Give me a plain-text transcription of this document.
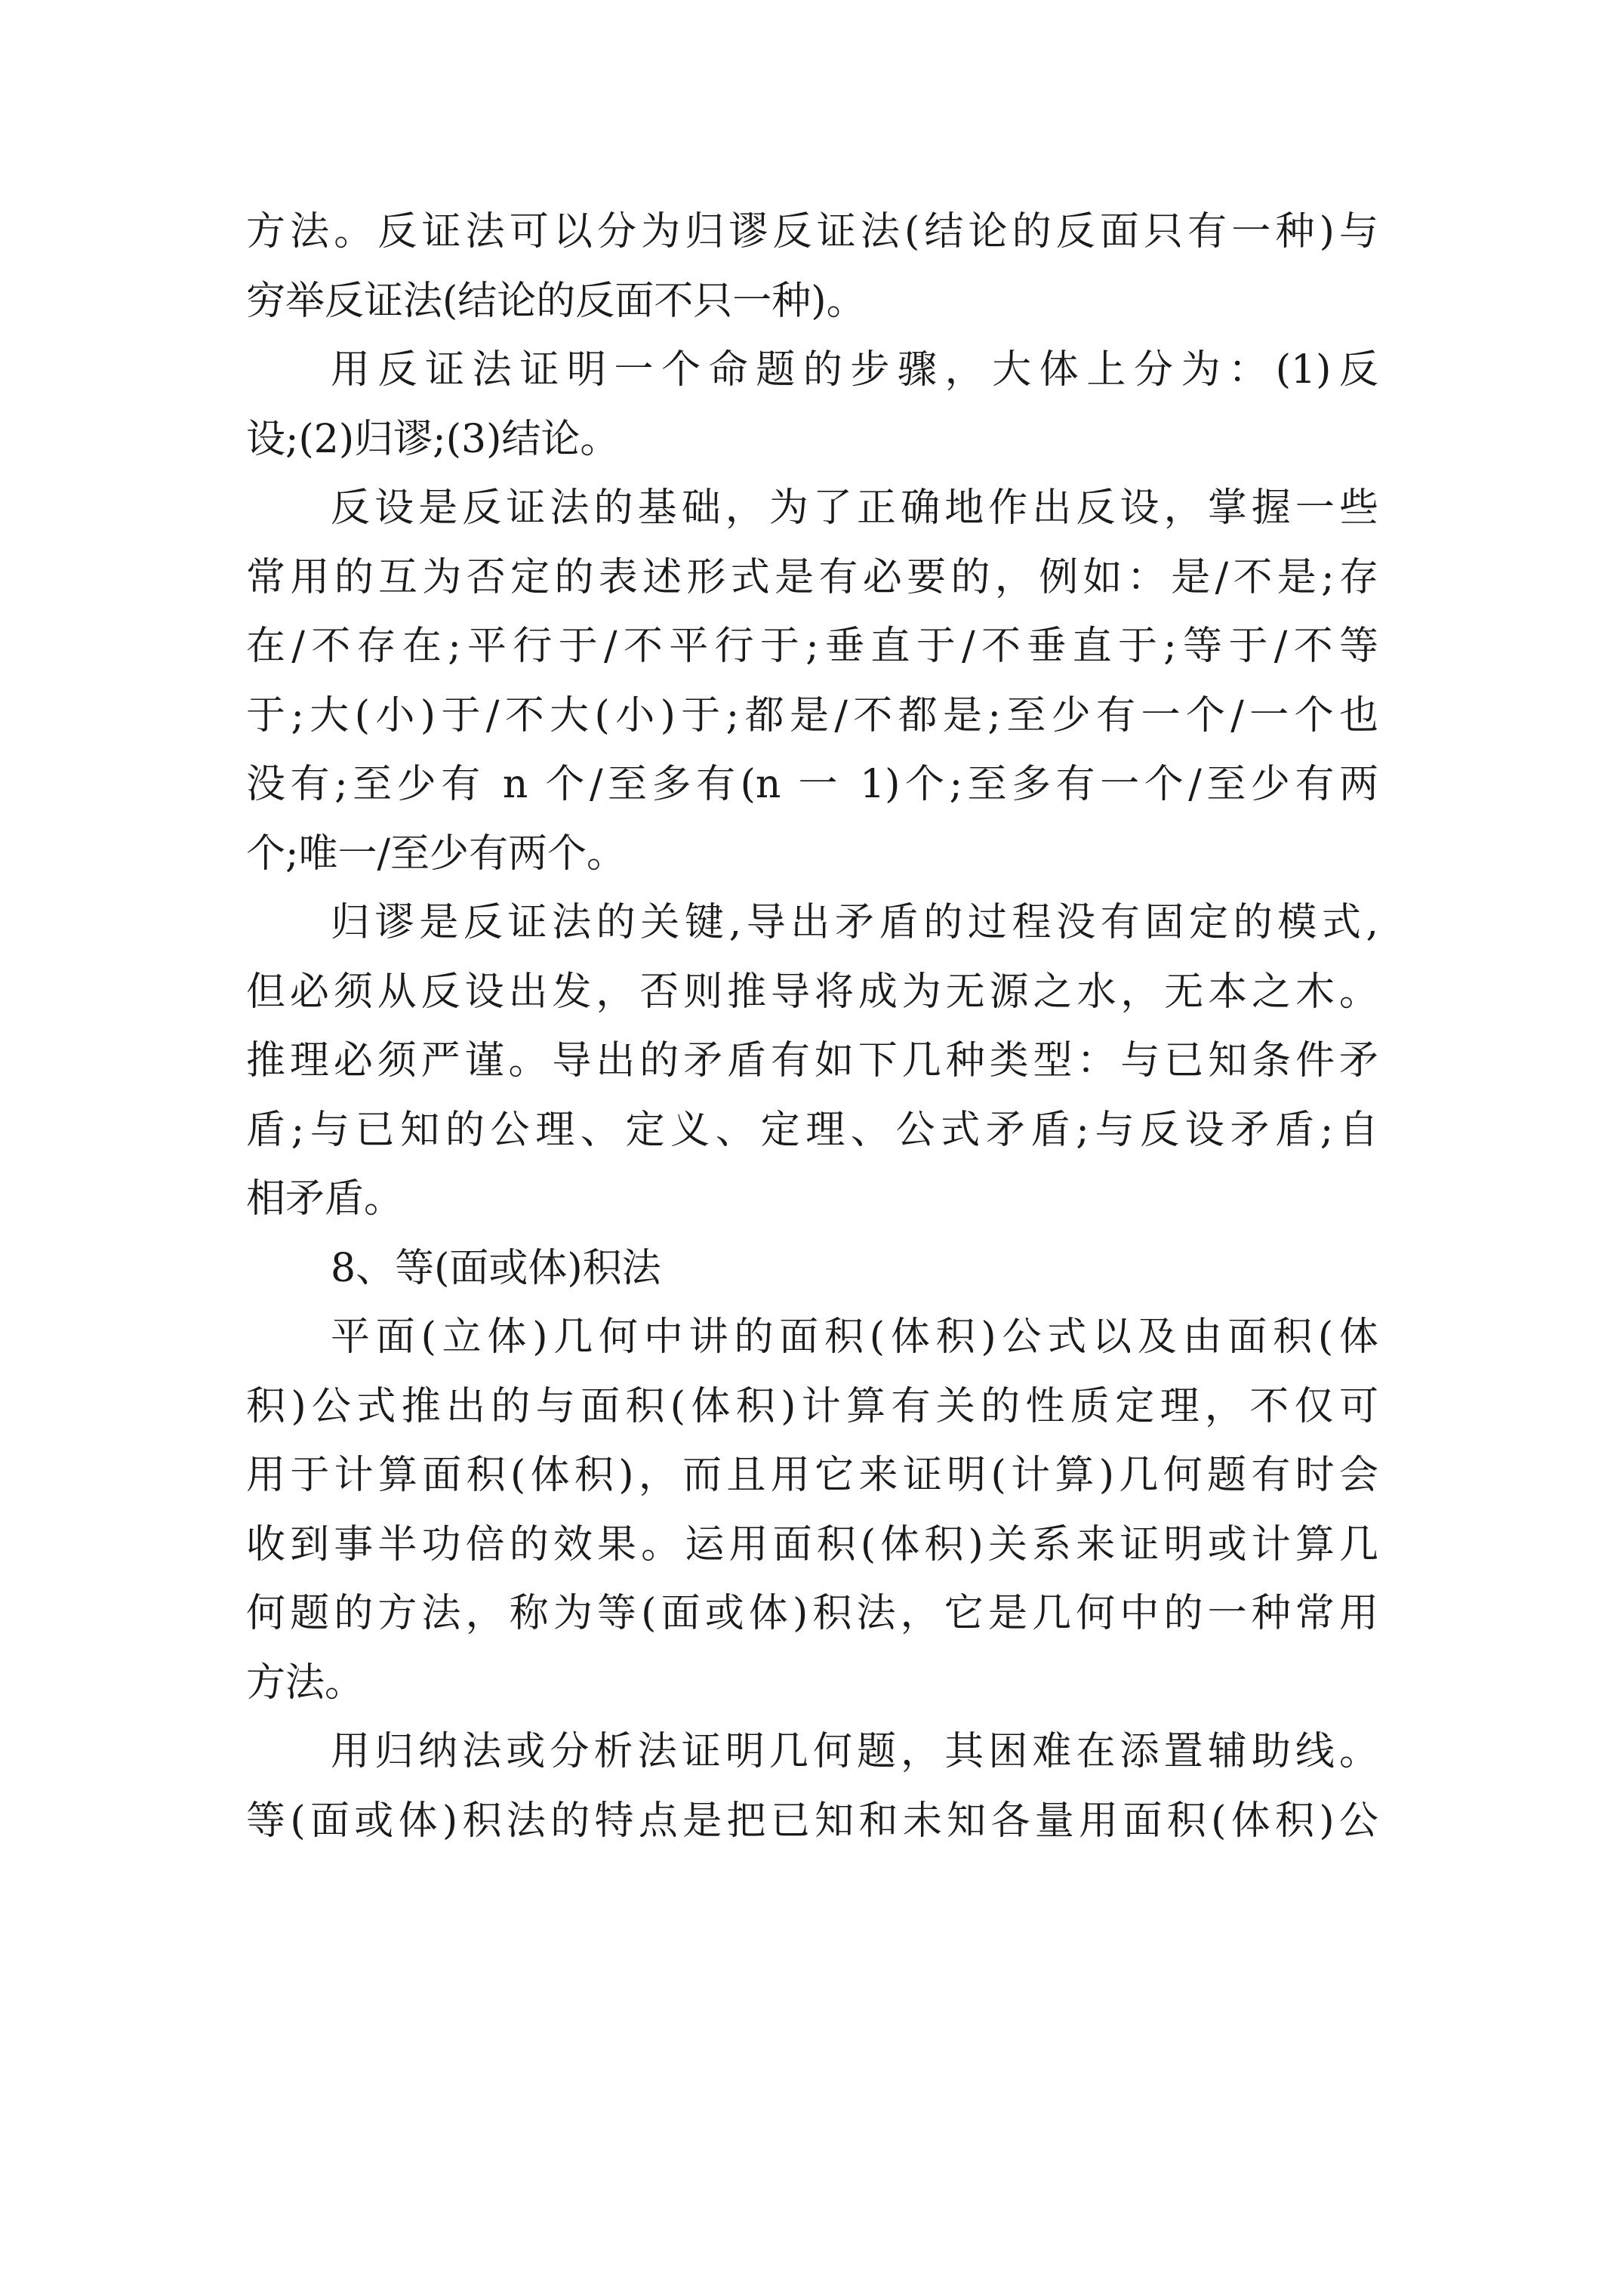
方法。反证法可以分为归谬反证法(结论的反面只有一种)与
穷举反证法(结论的反面不只一种)。
用反证法证明一个命题的步骤，大体上分为：(1)反
设;(2)归谬;(3)结论。
反设是反证法的基础，为了正确地作出反设，掌握一些
常用的互为否定的表述形式是有必要的，例如：是/不是;存
在/不存在;平行于/不平行于;垂直于/不垂直于;等于/不等
于;大(小)于/不大(小)于;都是/不都是;至少有一个/一个也
没有;至少有 n 个/至多有(n 一 1)个;至多有一个/至少有两
个;唯一/至少有两个。
归谬是反证法的关键,导出矛盾的过程没有固定的模式,
但必须从反设出发，否则推导将成为无源之水，无本之木。
推理必须严谨。导出的矛盾有如下几种类型：与已知条件矛
盾;与已知的公理、定义、定理、公式矛盾;与反设矛盾;自
相矛盾。
8、等(面或体)积法
平面(立体)几何中讲的面积(体积)公式以及由面积(体
积)公式推出的与面积(体积)计算有关的性质定理，不仅可
用于计算面积(体积)，而且用它来证明(计算)几何题有时会
收到事半功倍的效果。运用面积(体积)关系来证明或计算几
何题的方法，称为等(面或体)积法，它是几何中的一种常用
方法。
用归纳法或分析法证明几何题，其困难在添置辅助线。
等(面或体)积法的特点是把已知和未知各量用面积(体积)公
